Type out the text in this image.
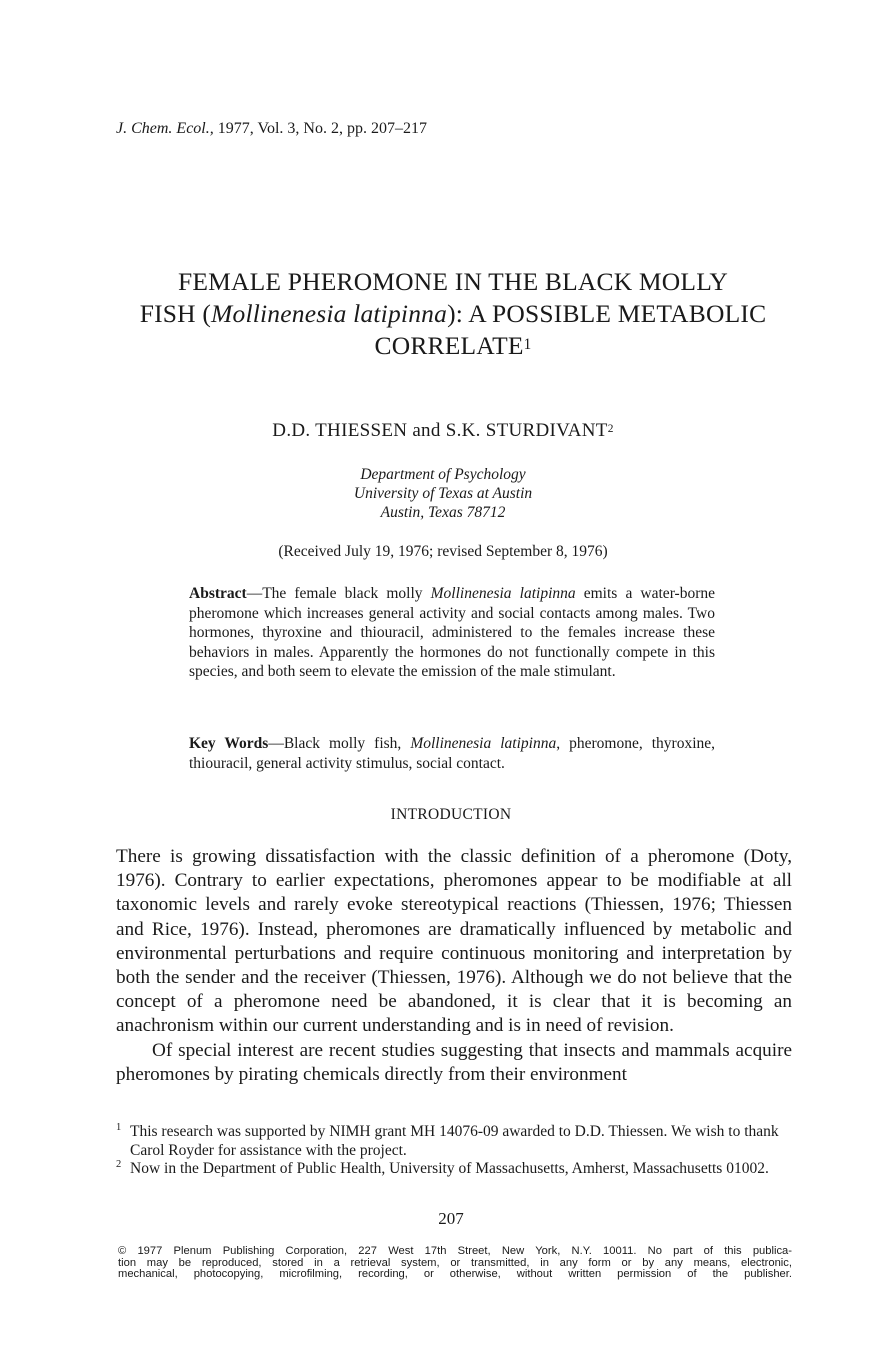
J. Chem. Ecol., 1977, Vol. 3, No. 2, pp. 207–217
FEMALE PHEROMONE IN THE BLACK MOLLY
FISH (Mollinenesia latipinna): A POSSIBLE METABOLIC
CORRELATE$^1$
D.D. THIESSEN and S.K. STURDIVANT$^2$
Department of Psychology
University of Texas at Austin
Austin, Texas 78712
(Received July 19, 1976; revised September 8, 1976)
Abstract—The female black molly Mollinenesia latipinna emits a water-borne pheromone which increases general activity and social contacts among males. Two hormones, thyroxine and thiouracil, administered to the females increase these behaviors in males. Apparently the hormones do not functionally compete in this species, and both seem to elevate the emission of the male stimulant.
Key Words—Black molly fish, Mollinenesia latipinna, pheromone, thyroxine, thiouracil, general activity stimulus, social contact.
INTRODUCTION

There is growing dissatisfaction with the classic definition of a pheromone (Doty, 1976). Contrary to earlier expectations, pheromones appear to be modifiable at all taxonomic levels and rarely evoke stereotypical reactions (Thiessen, 1976; Thiessen and Rice, 1976). Instead, pheromones are dramatically influenced by metabolic and environmental perturbations and require continuous monitoring and interpretation by both the sender and the receiver (Thiessen, 1976). Although we do not believe that the concept of a pheromone need be abandoned, it is clear that it is becoming an anachronism within our current understanding and is in need of revision.

Of special interest are recent studies suggesting that insects and mammals acquire pheromones by pirating chemicals directly from their environment

1 This research was supported by NIMH grant MH 14076-09 awarded to D.D. Thiessen. We wish to thank Carol Royder for assistance with the project.

2 Now in the Department of Public Health, University of Massachusetts, Amherst, Massachusetts 01002.

207
© 1977 Plenum Publishing Corporation, 227 West 17th Street, New York, N.Y. 10011. No part of this publica-
tion may be reproduced, stored in a retrieval system, or transmitted, in any form or by any means, electronic,
mechanical, photocopying, microfilming, recording, or otherwise, without written permission of the publisher.
